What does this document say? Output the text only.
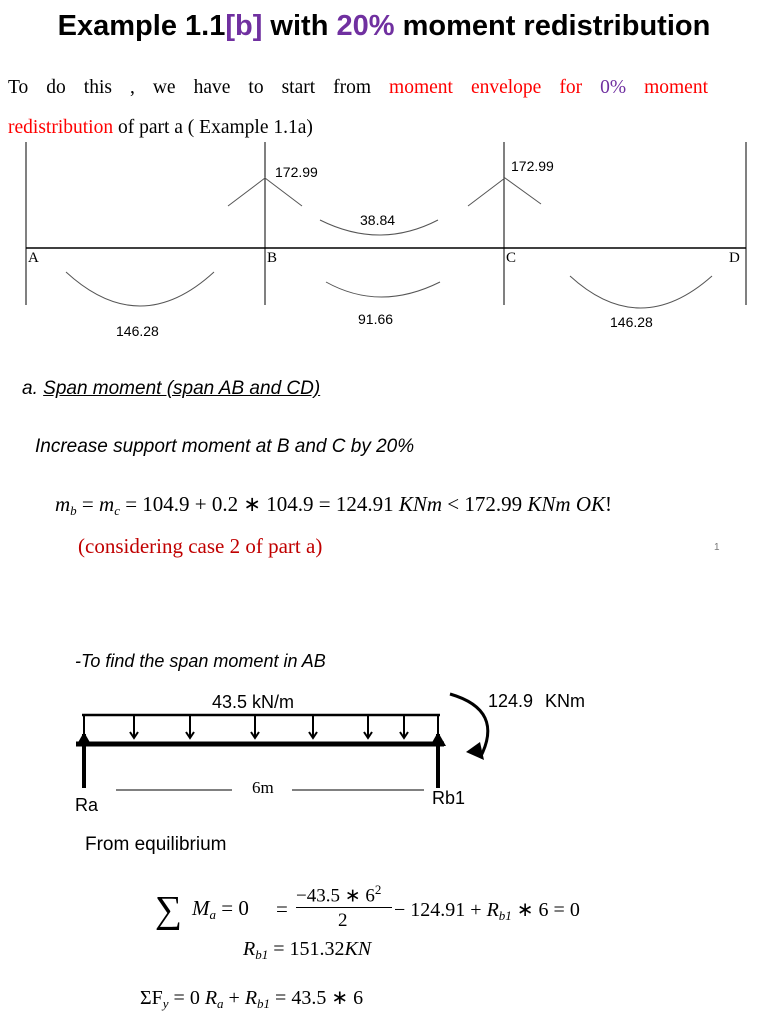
Example 1.1[b] with 20% moment redistribution
To do this , we have to start from moment envelope for 0% moment
redistribution of part a ( Example 1.1a)
A	B	C	D
172.99	172.99
38.84
146.28
91.66	146.28
a. Span moment (span AB and CD)
Increase support moment at B and C by 20%
$m_b = m_c = 104.9 + 0.2$ ∗ 104.9 = 124.91 KNm < 172.99 KNm OK!
(considering case 2 of part a)	1
-To find the span moment in AB
43.5 kN/m	124.9 KNm
6m
Ra	Rb1
From equilibrium
∑ $M_a = 0$ =
−43.5 ∗ $6^2$
$2 - 124.91 + R_{b1}$ ∗ 6 = 0
$R_{b1} = 151.32KN$
$\Sigma F_y = 0$ $R_a + R_{b1} = 43.5$ ∗ 6
